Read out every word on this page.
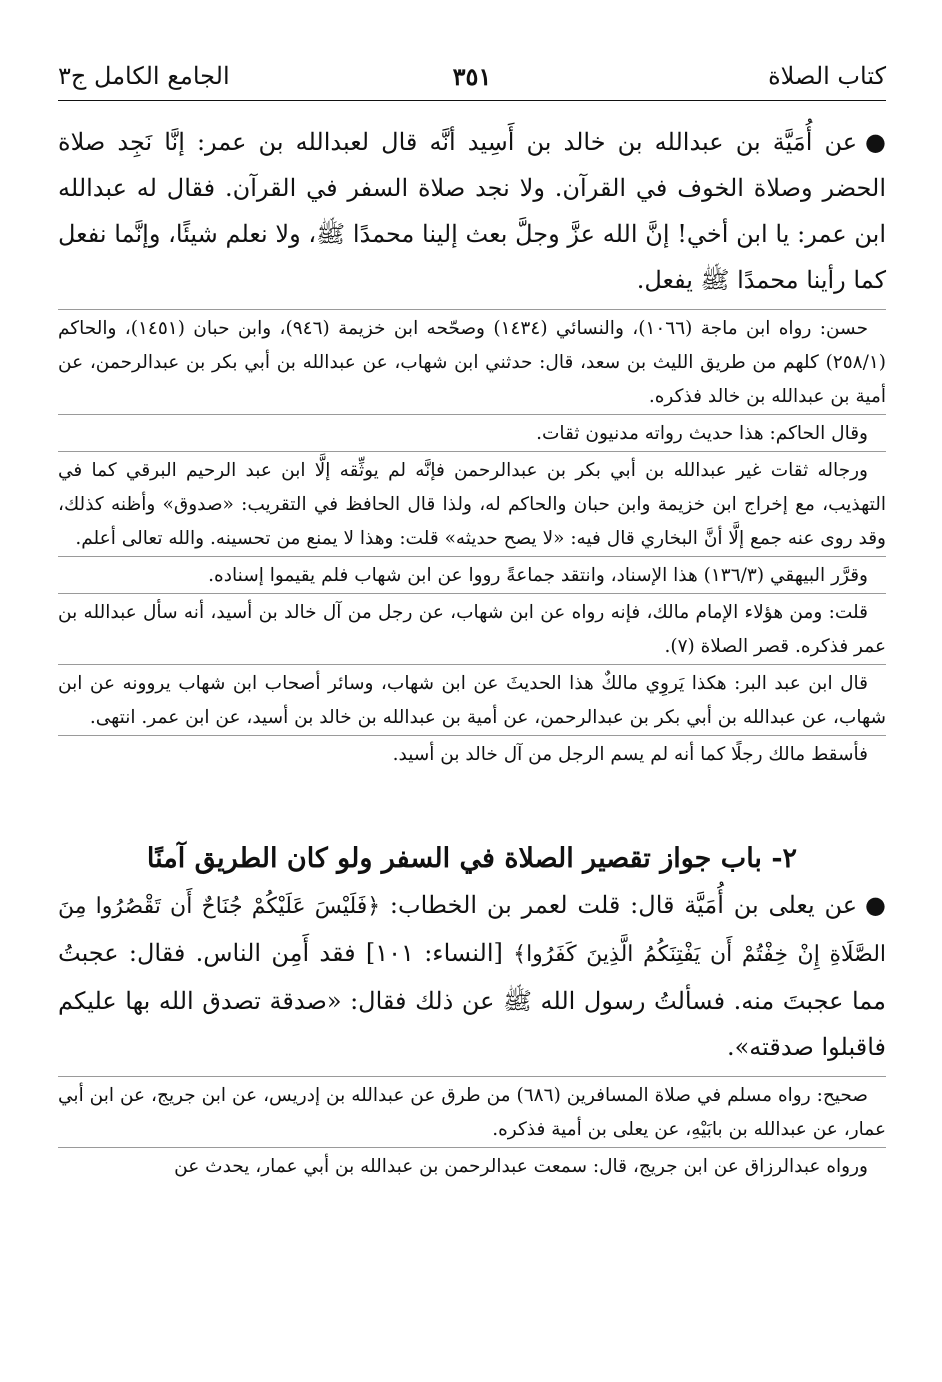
كتاب الصلاة
٣٥١
الجامع الكامل ج٣

●عن أُمَيَّة بن عبدالله بن خالد بن أَسِيد أنَّه قال لعبدالله بن عمر: إنَّا نَجِد صلاة الحضر وصلاة الخوف في القرآن. ولا نجد صلاة السفر في القرآن. فقال له عبدالله ابن عمر: يا ابن أخي! إنَّ الله عزَّ وجلَّ بعث إلينا محمدًا ﷺ، ولا نعلم شيئًا، وإنَّما نفعل كما رأينا محمدًا ﷺ يفعل.

حسن: رواه ابن ماجة (١٠٦٦)، والنسائي (١٤٣٤) وصحّحه ابن خزيمة (٩٤٦)، وابن حبان (١٤٥١)، والحاكم (٢٥٨/١) كلهم من طريق الليث بن سعد، قال: حدثني ابن شهاب، عن عبدالله بن أبي بكر بن عبدالرحمن، عن أمية بن عبدالله بن خالد فذكره.

وقال الحاكم: هذا حديث رواته مدنيون ثقات.

ورجاله ثقات غير عبدالله بن أبي بكر بن عبدالرحمن فإنَّه لم يوثِّقه إلَّا ابن عبد الرحيم البرقي كما في التهذيب، مع إخراج ابن خزيمة وابن حبان والحاكم له، ولذا قال الحافظ في التقريب: «صدوق» وأظنه كذلك، وقد روى عنه جمع إلَّا أنَّ البخاري قال فيه: «لا يصح حديثه» قلت: وهذا لا يمنع من تحسينه. والله تعالى أعلم.

وقرَّر البيهقي (١٣٦/٣) هذا الإسناد، وانتقد جماعةً رووا عن ابن شهاب فلم يقيموا إسناده.

قلت: ومن هؤلاء الإمام مالك، فإنه رواه عن ابن شهاب، عن رجل من آل خالد بن أسيد، أنه سأل عبدالله بن عمر فذكره. قصر الصلاة (٧).

قال ابن عبد البر: هكذا يَروِي مالكٌ هذا الحديثَ عن ابن شهاب، وسائر أصحاب ابن شهاب يروونه عن ابن شهاب، عن عبدالله بن أبي بكر بن عبدالرحمن، عن أمية بن عبدالله بن خالد بن أسيد، عن ابن عمر. انتهى.

فأسقط مالك رجلًا كما أنه لم يسم الرجل من آل خالد بن أسيد.

٢- باب جواز تقصير الصلاة في السفر ولو كان الطريق آمنًا

●عن يعلى بن أُمَيَّة قال: قلت لعمر بن الخطاب: ﴿فَلَيْسَ عَلَيْكُمْ جُنَاحٌ أَن تَقْصُرُوا مِنَ الصَّلَاةِ إِنْ خِفْتُمْ أَن يَفْتِنَكُمُ الَّذِينَ كَفَرُوا﴾ [النساء: ١٠١] فقد أَمِن الناس. فقال: عجبتُ مما عجبتَ منه. فسألتُ رسول الله ﷺ عن ذلك فقال: «صدقة تصدق الله بها عليكم فاقبلوا صدقته».

صحيح: رواه مسلم في صلاة المسافرين (٦٨٦) من طرق عن عبدالله بن إدريس، عن ابن جريج، عن ابن أبي عمار، عن عبدالله بن بابَيْهِ، عن يعلى بن أمية فذكره.

ورواه عبدالرزاق عن ابن جريج، قال: سمعت عبدالرحمن بن عبدالله بن أبي عمار، يحدث عن
